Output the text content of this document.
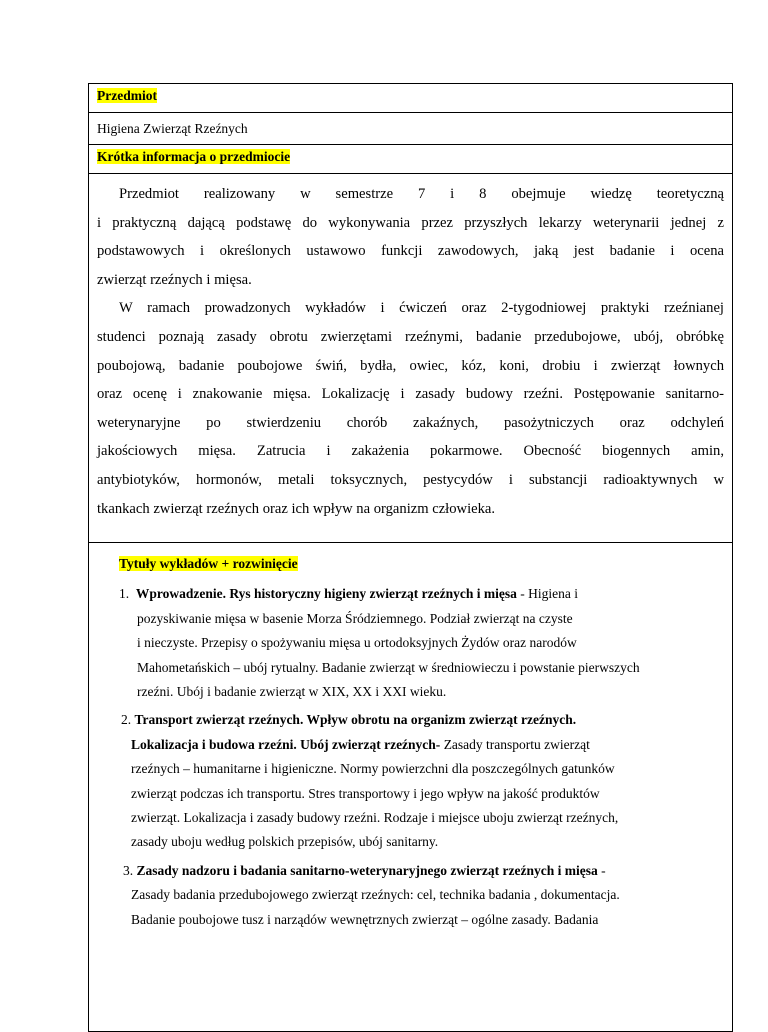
Przedmiot
Higiena Zwierząt Rzeźnych
Krótka informacja o przedmiocie

Przedmiot realizowany w semestrze 7 i 8 obejmuje wiedzę teoretyczną

i praktyczną dającą podstawę do wykonywania przez przyszłych lekarzy weterynarii jednej z

podstawowych i określonych ustawowo funkcji zawodowych, jaką jest badanie i ocena

zwierząt rzeźnych i mięsa.

W ramach prowadzonych wykładów i ćwiczeń oraz 2-tygodniowej praktyki rzeźnianej

studenci poznają zasady obrotu zwierzętami rzeźnymi, badanie przedubojowe, ubój, obróbkę

poubojową, badanie poubojowe świń, bydła, owiec, kóz, koni, drobiu i zwierząt łownych

oraz ocenę i znakowanie mięsa. Lokalizację i zasady budowy rzeźni. Postępowanie sanitarno-

weterynaryjne po stwierdzeniu chorób zakaźnych, pasożytniczych oraz odchyleń

jakościowych mięsa. Zatrucia i zakażenia pokarmowe. Obecność biogennych amin,

antybiotyków, hormonów, metali toksycznych, pestycydów i substancji radioaktywnych w

tkankach zwierząt rzeźnych oraz ich wpływ na organizm człowieka.

Tytuły wykładów + rozwinięcie

1. Wprowadzenie. Rys historyczny higieny zwierząt rzeźnych i mięsa - Higiena i

pozyskiwanie mięsa w basenie Morza Śródziemnego. Podział zwierząt na czyste

i nieczyste. Przepisy o spożywaniu mięsa u ortodoksyjnych Żydów oraz narodów

Mahometańskich – ubój rytualny. Badanie zwierząt w średniowieczu i powstanie pierwszych

rzeźni. Ubój i badanie zwierząt w XIX, XX i XXI wieku.

2. Transport zwierząt rzeźnych. Wpływ obrotu na organizm zwierząt rzeźnych.

Lokalizacja i budowa rzeźni. Ubój zwierząt rzeźnych- Zasady transportu zwierząt

rzeźnych – humanitarne i higieniczne. Normy powierzchni dla poszczególnych gatunków

zwierząt podczas ich transportu. Stres transportowy i jego wpływ na jakość produktów

zwierząt. Lokalizacja i zasady budowy rzeźni. Rodzaje i miejsce uboju zwierząt rzeźnych,

zasady uboju według polskich przepisów, ubój sanitarny.

3. Zasady nadzoru i badania sanitarno-weterynaryjnego zwierząt rzeźnych i mięsa -

Zasady badania przedubojowego zwierząt rzeźnych: cel, technika badania , dokumentacja.

Badanie poubojowe tusz i narządów wewnętrznych zwierząt – ogólne zasady. Badania
